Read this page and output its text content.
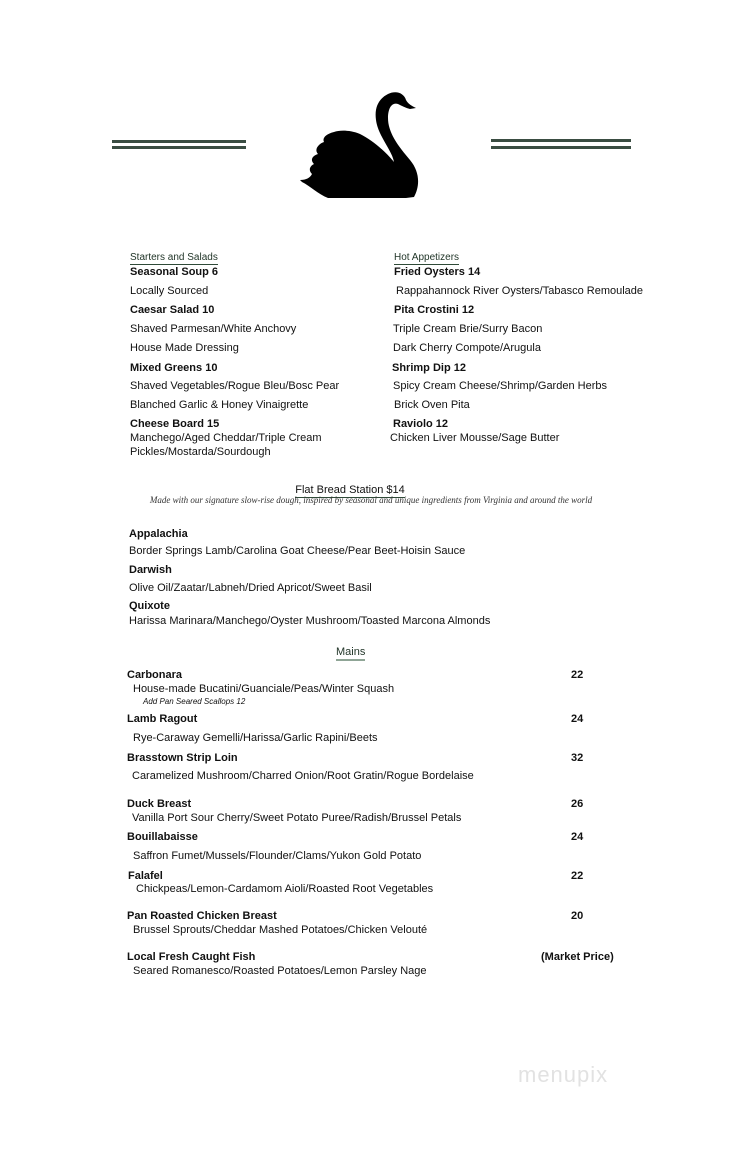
Starters and Salads
Seasonal Soup 6
Locally Sourced
Caesar Salad 10
Shaved Parmesan/White Anchovy
House Made Dressing
Mixed Greens 10
Shaved Vegetables/Rogue Bleu/Bosc Pear
Blanched Garlic & Honey Vinaigrette
Cheese Board 15
Manchego/Aged Cheddar/Triple Cream
Pickles/Mostarda/Sourdough
Hot Appetizers
Fried Oysters 14
Rappahannock River Oysters/Tabasco Remoulade
Pita Crostini 12
Triple Cream Brie/Surry Bacon
Dark Cherry Compote/Arugula
Shrimp Dip 12
Spicy Cream Cheese/Shrimp/Garden Herbs
Brick Oven Pita
Raviolo 12
Chicken Liver Mousse/Sage Butter
Flat Bread Station $14
Made with our signature slow-rise dough, inspired by seasonal and unique ingredients from Virginia and around the world
Appalachia
Border Springs Lamb/Carolina Goat Cheese/Pear Beet-Hoisin Sauce
Darwish
Olive Oil/Zaatar/Labneh/Dried Apricot/Sweet Basil
Quixote
Harissa Marinara/Manchego/Oyster Mushroom/Toasted Marcona Almonds
Mains
Carbonara	22
House-made Bucatini/Guanciale/Peas/Winter Squash
Add Pan Seared Scallops 12
Lamb Ragout	24
Rye-Caraway Gemelli/Harissa/Garlic Rapini/Beets
Brasstown Strip Loin	32
Caramelized Mushroom/Charred Onion/Root Gratin/Rogue Bordelaise
Duck Breast	26
Vanilla Port Sour Cherry/Sweet Potato Puree/Radish/Brussel Petals
Bouillabaisse	24
Saffron Fumet/Mussels/Flounder/Clams/Yukon Gold Potato
Falafel	22
Chickpeas/Lemon-Cardamom Aioli/Roasted Root Vegetables
Pan Roasted Chicken Breast	20
Brussel Sprouts/Cheddar Mashed Potatoes/Chicken Velouté
Local Fresh Caught Fish	(Market Price)
Seared Romanesco/Roasted Potatoes/Lemon Parsley Nage
menupix
